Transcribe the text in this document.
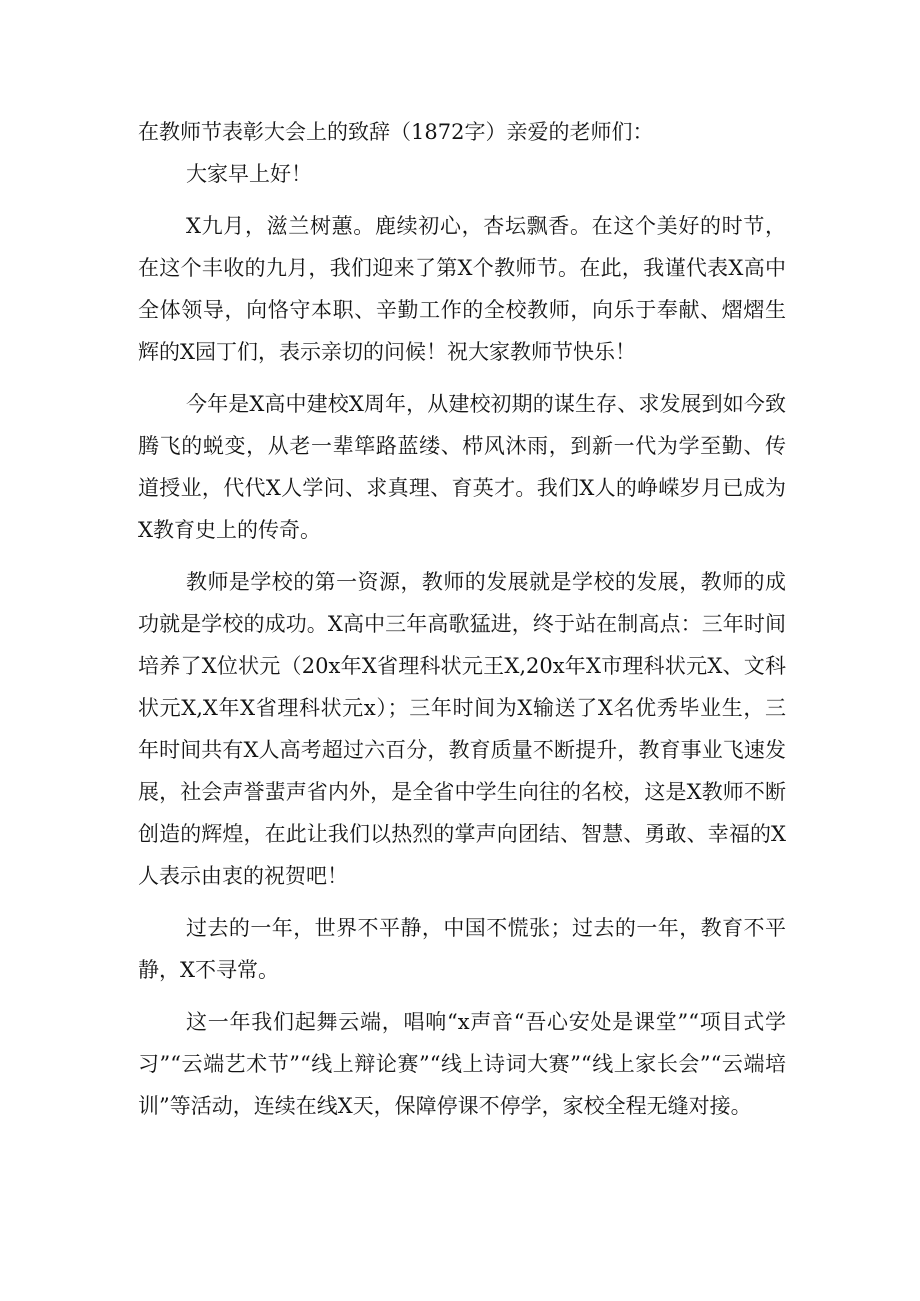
在教师节表彰大会上的致辞（1872字）亲爱的老师们：

大家早上好！

X九月，滋兰树蕙。鹿续初心，杏坛飘香。在这个美好的时节，在这个丰收的九月，我们迎来了第X个教师节。在此，我谨代表X高中全体领导，向恪守本职、辛勤工作的全校教师，向乐于奉献、熠熠生辉的X园丁们，表示亲切的问候！祝大家教师节快乐！

今年是X高中建校X周年，从建校初期的谋生存、求发展到如今致腾飞的蜕变，从老一辈筚路蓝缕、栉风沐雨，到新一代为学至勤、传道授业，代代X人学问、求真理、育英才。我们X人的峥嵘岁月已成为X教育史上的传奇。

教师是学校的第一资源，教师的发展就是学校的发展，教师的成功就是学校的成功。X高中三年高歌猛进，终于站在制高点：三年时间培养了X位状元（20x年X省理科状元王X,20x年X市理科状元X、文科状元X,X年X省理科状元x）；三年时间为X输送了X名优秀毕业生，三年时间共有X人高考超过六百分，教育质量不断提升，教育事业飞速发展，社会声誉蜚声省内外，是全省中学生向往的名校，这是X教师不断创造的辉煌，在此让我们以热烈的掌声向团结、智慧、勇敢、幸福的X人表示由衷的祝贺吧！

过去的一年，世界不平静，中国不慌张；过去的一年，教育不平静，X不寻常。

这一年我们起舞云端，唱响“x声音“吾心安处是课堂”“项目式学习”“云端艺术节”“线上辩论赛”“线上诗词大赛”“线上家长会”“云端培训”等活动，连续在线X天，保障停课不停学，家校全程无缝对接。
